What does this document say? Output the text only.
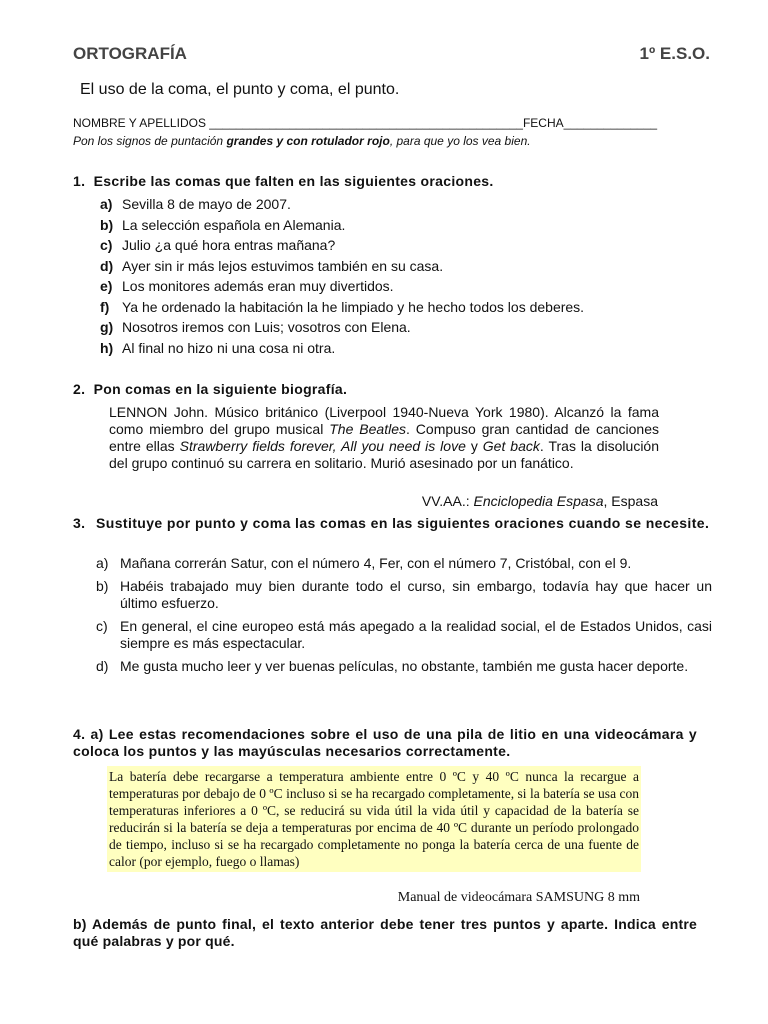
ORTOGRAFÍA	1º E.S.O.
El uso de la coma, el punto y coma, el punto.
NOMBRE Y APELLIDOS _______________________________________________FECHA______________
Pon los signos de puntación grandes y con rotulador rojo, para que yo los vea bien.
1.  Escribe las comas que falten en las siguientes oraciones.
a) Sevilla 8 de mayo de 2007.
b) La selección española en Alemania.
c) Julio ¿a qué hora entras mañana?
d) Ayer sin ir más lejos estuvimos también en su casa.
e) Los monitores además eran muy divertidos.
f) Ya he ordenado la habitación la he limpiado y he hecho todos los deberes.
g) Nosotros iremos con Luis; vosotros con Elena.
h) Al final no hizo ni una cosa ni otra.
2.  Pon comas en la siguiente biografía.
LENNON John. Músico británico (Liverpool 1940-Nueva York 1980). Alcanzó la fama como miembro del grupo musical The Beatles. Compuso gran cantidad de canciones entre ellas Strawberry fields forever, All you need is love y Get back. Tras la disolución del grupo continuó su carrera en solitario. Murió asesinado por un fanático.
VV.AA.: Enciclopedia Espasa, Espasa
3. Sustituye por punto y coma las comas en las siguientes oraciones cuando se necesite.
a) Mañana correrán Satur, con el número 4, Fer, con el número 7, Cristóbal, con el 9.
b) Habéis trabajado muy bien durante todo el curso, sin embargo, todavía hay que hacer un último esfuerzo.
c) En general, el cine europeo está más apegado a la realidad social, el de Estados Unidos, casi siempre es más espectacular.
d) Me gusta mucho leer y ver buenas películas, no obstante, también me gusta hacer deporte.
4. a) Lee estas recomendaciones sobre el uso de una pila de litio en una videocámara y coloca los puntos y las mayúsculas necesarios correctamente.
La batería debe recargarse a temperatura ambiente entre 0 ºC y 40 ºC nunca la recargue a temperaturas por debajo de 0 ºC incluso si se ha recargado completamente, si la batería se usa con temperaturas inferiores a 0 ºC, se reducirá su vida útil la vida útil y capacidad de la batería se reducirán si la batería se deja a temperaturas por encima de 40 ºC durante un período prolongado de tiempo, incluso si se ha recargado completamente no ponga la batería cerca de una fuente de calor (por ejemplo, fuego o llamas)
Manual de videocámara SAMSUNG 8 mm
b) Además de punto final, el texto anterior debe tener tres puntos y aparte. Indica entre qué palabras y por qué.
